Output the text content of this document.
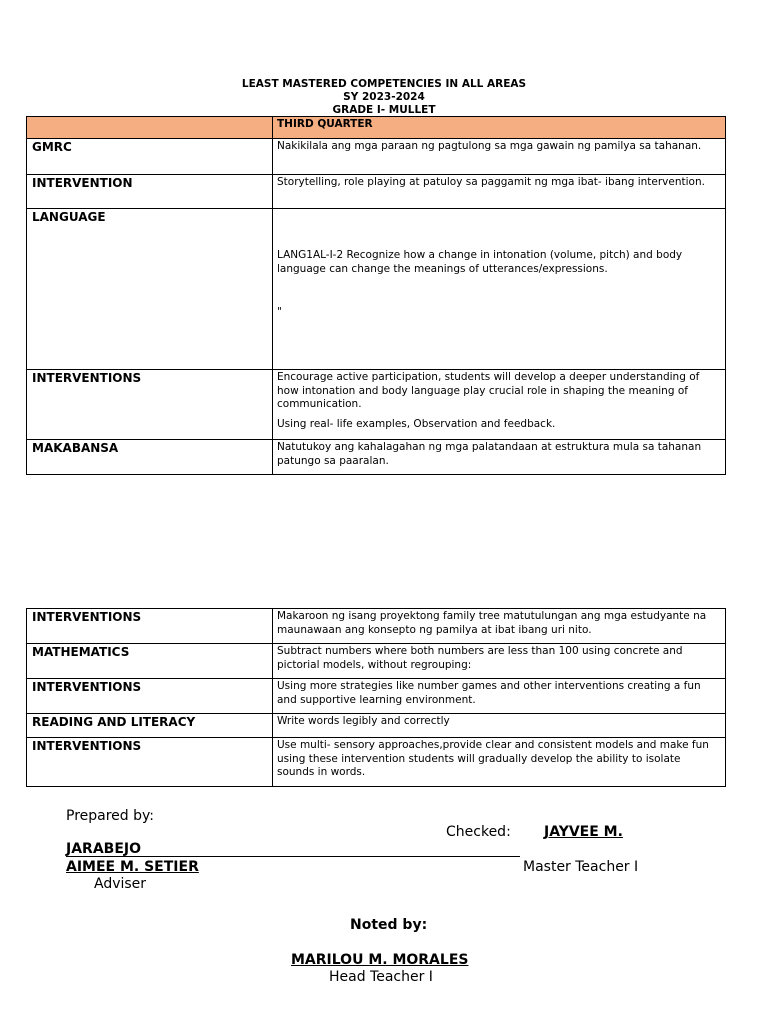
LEAST MASTERED COMPETENCIES IN ALL AREAS
SY 2023-2024
GRADE I- MULLET
	THIRD QUARTER
GMRC	Nakikilala ang mga paraan ng pagtulong sa mga gawain ng pamilya sa tahanan.

INTERVENTION	Storytelling, role playing at patuloy sa paggamit ng mga ibat- ibang intervention.

LANGUAGE	LANG1AL-I-2 Recognize how a change in intonation (volume, pitch) and body language can change the meanings of utterances/expressions.

"

INTERVENTIONS	Encourage active participation, students will develop a deeper understanding of how intonation and body language play crucial role in shaping the meaning of communication.

Using real- life examples, Observation and feedback.

MAKABANSA	Natutukoy ang kahalagahan ng mga palatandaan at estruktura mula sa tahanan patungo sa paaralan.

INTERVENTIONS	Makaroon ng isang proyektong family tree matutulungan ang mga estudyante na maunawaan ang konsepto ng pamilya at ibat ibang uri nito.

MATHEMATICS	Subtract numbers where both numbers are less than 100 using concrete and pictorial models, without regrouping:

INTERVENTIONS	Using more strategies like number games and other interventions creating a fun and supportive learning environment.

READING AND LITERACY	Write words legibly and correctly

INTERVENTIONS	Use multi- sensory approaches,provide clear and consistent models and make fun using these intervention students will gradually develop the ability to isolate sounds in words.

Prepared by:
Checked: JAYVEE M.
JARABEJO
AIMEE M. SETIER	Master Teacher I
Adviser
Noted by:
MARILOU M. MORALES
Head Teacher I
